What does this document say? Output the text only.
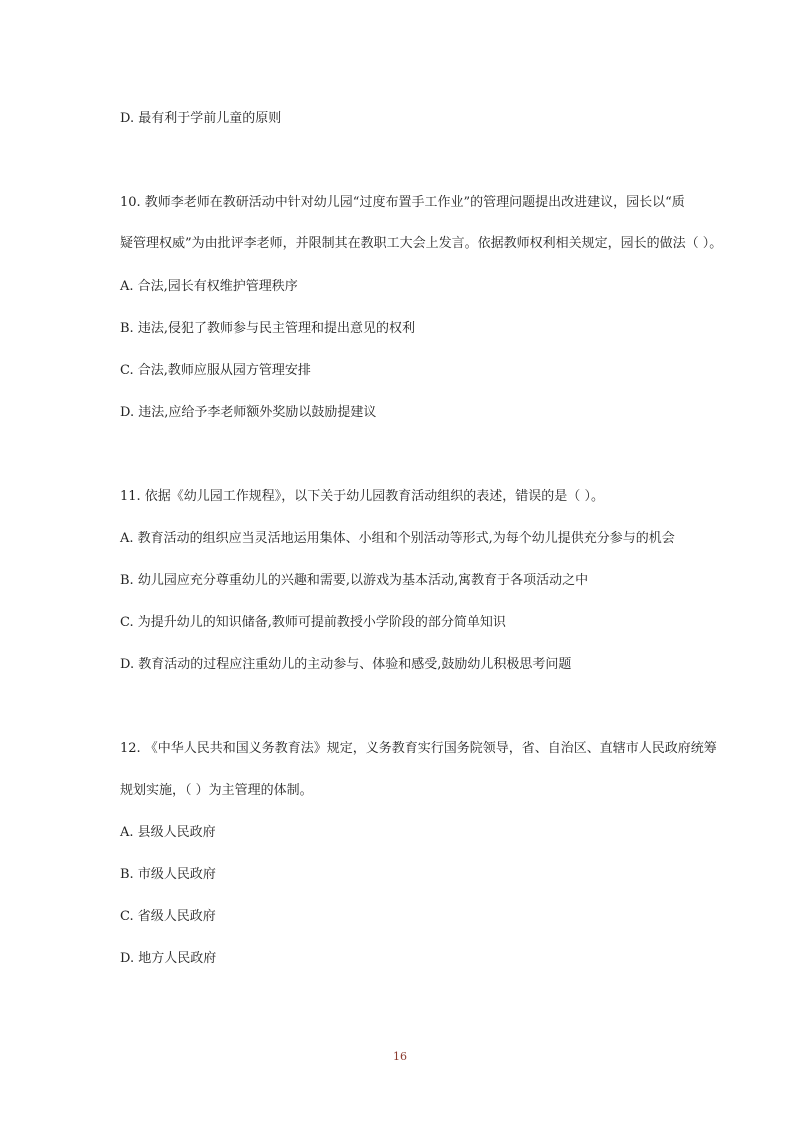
D. 最有利于学前儿童的原则
10. 教师李老师在教研活动中针对幼儿园“过度布置手工作业”的管理问题提出改进建议，园长以“质
疑管理权威”为由批评李老师，并限制其在教职工大会上发言。依据教师权利相关规定，园长的做法（ ）。
A. 合法,园长有权维护管理秩序
B. 违法,侵犯了教师参与民主管理和提出意见的权利
C. 合法,教师应服从园方管理安排
D. 违法,应给予李老师额外奖励以鼓励提建议
11. 依据《幼儿园工作规程》，以下关于幼儿园教育活动组织的表述，错误的是（ ）。
A. 教育活动的组织应当灵活地运用集体、小组和个别活动等形式,为每个幼儿提供充分参与的机会
B. 幼儿园应充分尊重幼儿的兴趣和需要,以游戏为基本活动,寓教育于各项活动之中
C. 为提升幼儿的知识储备,教师可提前教授小学阶段的部分简单知识
D. 教育活动的过程应注重幼儿的主动参与、体验和感受,鼓励幼儿积极思考问题
12. 《中华人民共和国义务教育法》规定，义务教育实行国务院领导，省、自治区、直辖市人民政府统筹
规划实施，（ ）为主管理的体制。
A. 县级人民政府
B. 市级人民政府
C. 省级人民政府
D. 地方人民政府
16
